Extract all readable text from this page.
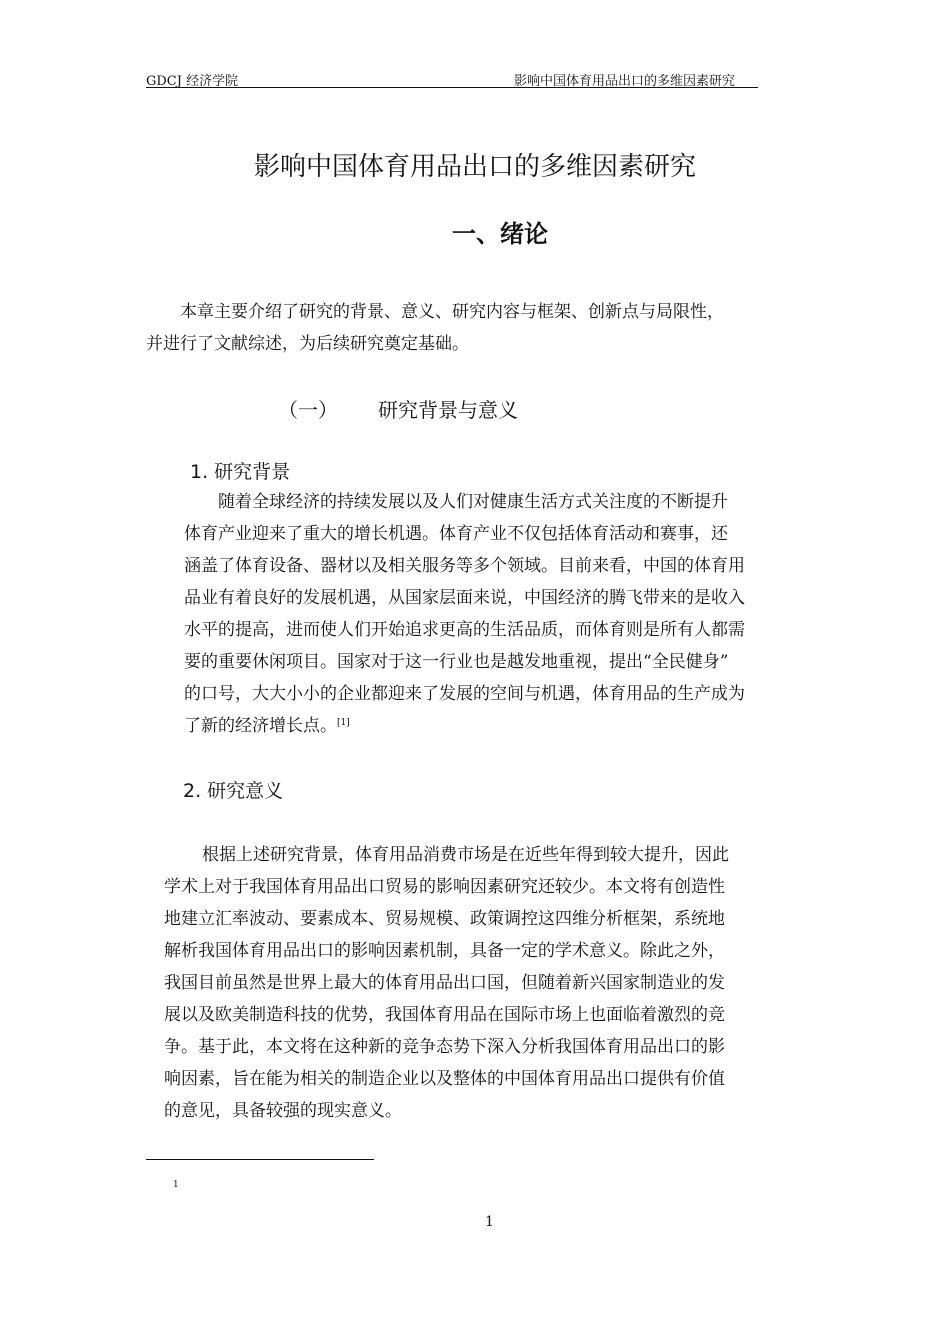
GDCJ 经济学院	影响中国体育用品出口的多维因素研究
影响中国体育用品出口的多维因素研究
一、绪论
本章主要介绍了研究的背景、意义、研究内容与框架、创新点与局限性，
并进行了文献综述，为后续研究奠定基础。
（一） 研究背景与意义
1. 研究背景
随着全球经济的持续发展以及人们对健康生活方式关注度的不断提升
体育产业迎来了重大的增长机遇。体育产业不仅包括体育活动和赛事，还
涵盖了体育设备、器材以及相关服务等多个领域。目前来看，中国的体育用
品业有着良好的发展机遇，从国家层面来说，中国经济的腾飞带来的是收入
水平的提高，进而使人们开始追求更高的生活品质，而体育则是所有人都需
要的重要休闲项目。国家对于这一行业也是越发地重视，提出“全民健身”
的口号，大大小小的企业都迎来了发展的空间与机遇，体育用品的生产成为
了新的经济增长点。[1]
2. 研究意义
根据上述研究背景，体育用品消费市场是在近些年得到较大提升，因此
学术上对于我国体育用品出口贸易的影响因素研究还较少。本文将有创造性
地建立汇率波动、要素成本、贸易规模、政策调控这四维分析框架，系统地
解析我国体育用品出口的影响因素机制，具备一定的学术意义。除此之外，
我国目前虽然是世界上最大的体育用品出口国，但随着新兴国家制造业的发
展以及欧美制造科技的优势，我国体育用品在国际市场上也面临着激烈的竞
争。基于此，本文将在这种新的竞争态势下深入分析我国体育用品出口的影
响因素，旨在能为相关的制造企业以及整体的中国体育用品出口提供有价值
的意见，具备较强的现实意义。
1
1
